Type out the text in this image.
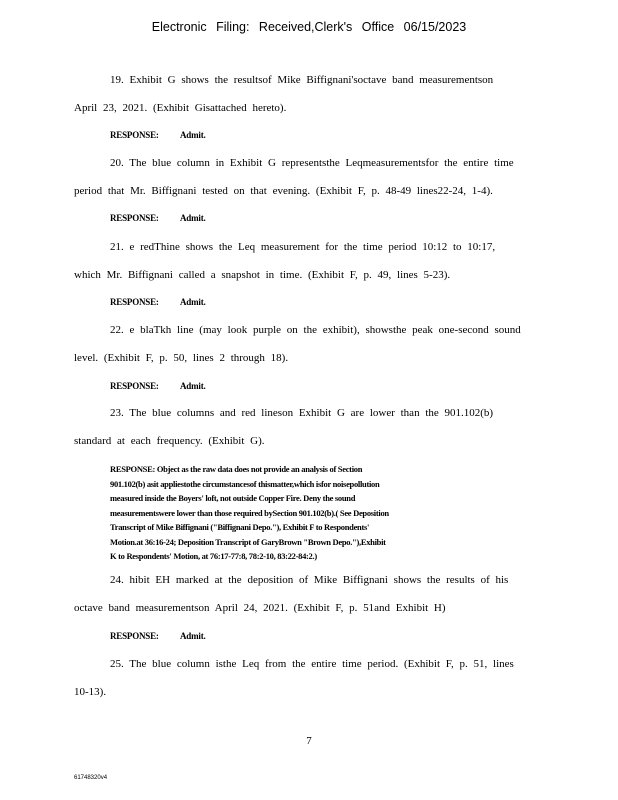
Electronic Filing: Received,Clerk's Office 06/15/2023
19. Exhibit G shows the resultsof Mike Biffignani'soctave band measurementson
April 23, 2021. (Exhibit Gisattached hereto).
RESPONSE: Admit.
20. The blue column in Exhibit G representsthe Leqmeasurementsfor the entire time
period that Mr. Biffignani tested on that evening. (Exhibit F, p. 48-49 lines22-24, 1-4).
RESPONSE: Admit.
21. e redThine shows the Leq measurement for the time period 10:12 to 10:17,
which Mr. Biffignani called a snapshot in time. (Exhibit F, p. 49, lines 5-23).
RESPONSE: Admit.
22. e blaTkh line (may look purple on the exhibit), showsthe peak one-second sound
level. (Exhibit F, p. 50, lines 2 through 18).
RESPONSE: Admit.
23. The blue columns and red lineson Exhibit G are lower than the 901.102(b)
standard at each frequency. (Exhibit G).
RESPONSE: Object as the raw data does not provide an analysis of Section
901.102(b) asit appliestothe circumstancesof thismatter,which isfor noisepollution
measured inside the Boyers' loft, not outside Copper Fire. Deny the sound
measurementswere lower than those required bySection 901.102(b).( See Deposition
Transcript of Mike Biffignani ("Biffignani Depo."), Exhibit F to Respondents'
Motion.at 36:16-24; Deposition Transcript of GaryBrown "Brown Depo."),Exhibit
K to Respondents' Motion, at 76:17-77:8, 78:2-10, 83:22-84:2.)
24. hibit EH marked at the deposition of Mike Biffignani shows the results of his
octave band measurementson April 24, 2021. (Exhibit F, p. 51and Exhibit H)
RESPONSE: Admit.
25. The blue column isthe Leq from the entire time period. (Exhibit F, p. 51, lines
10-13).
7
61748320v4
